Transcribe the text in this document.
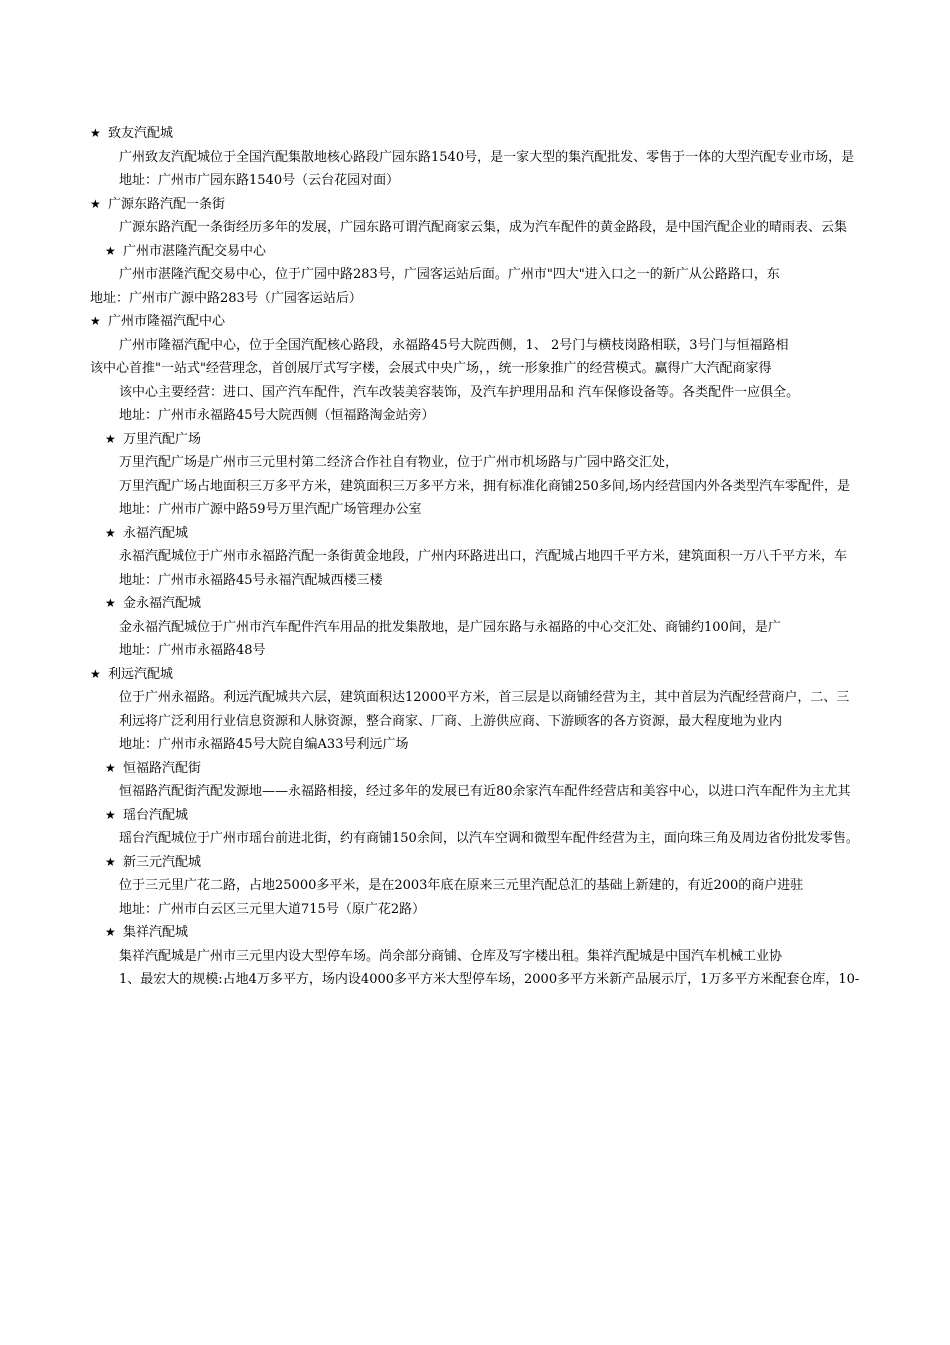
★ 致友汽配城
广州致友汽配城位于全国汽配集散地核心路段广园东路1540号，是一家大型的集汽配批发、零售于一体的大型汽配专业市场，是
地址：广州市广园东路1540号（云台花园对面）
★ 广源东路汽配一条街
广源东路汽配一条街经历多年的发展，广园东路可谓汽配商家云集，成为汽车配件的黄金路段，是中国汽配企业的晴雨表、云集
★ 广州市湛隆汽配交易中心
广州市湛隆汽配交易中心，位于广园中路283号，广园客运站后面。广州市"四大"进入口之一的新广从公路路口，东
地址：广州市广源中路283号（广园客运站后）
★ 广州市隆福汽配中心
广州市隆福汽配中心，位于全国汽配核心路段，永福路45号大院西侧，1、 2号门与横枝岗路相联，3号门与恒福路相
该中心首推"一站式"经营理念，首创展厅式写字楼，会展式中央广场，，统一形象推广的经营模式。赢得广大汽配商家得
该中心主要经营：进口、国产汽车配件，汽车改装美容装饰，及汽车护理用品和 汽车保修设备等。各类配件一应俱全。
地址：广州市永福路45号大院西侧（恒福路淘金站旁）
★ 万里汽配广场
万里汽配广场是广州市三元里村第二经济合作社自有物业，位于广州市机场路与广园中路交汇处，
万里汽配广场占地面积三万多平方米，建筑面积三万多平方米，拥有标准化商铺250多间,场内经营国内外各类型汽车零配件，是
地址：广州市广源中路59号万里汽配广场管理办公室
★ 永福汽配城
永福汽配城位于广州市永福路汽配一条街黄金地段，广州内环路进出口，汽配城占地四千平方米，建筑面积一万八千平方米，车
地址：广州市永福路45号永福汽配城西楼三楼
★ 金永福汽配城
金永福汽配城位于广州市汽车配件汽车用品的批发集散地，是广园东路与永福路的中心交汇处、商铺约100间，是广
地址：广州市永福路48号
★ 利远汽配城
位于广州永福路。利远汽配城共六层，建筑面积达12000平方米，首三层是以商铺经营为主，其中首层为汽配经营商户，二、三
利远将广泛利用行业信息资源和人脉资源，整合商家、厂商、上游供应商、下游顾客的各方资源，最大程度地为业内
地址：广州市永福路45号大院自编A33号利远广场
★ 恒福路汽配街
恒福路汽配街汽配发源地——永福路相接，经过多年的发展已有近80余家汽车配件经营店和美容中心，以进口汽车配件为主尤其
★ 瑶台汽配城
瑶台汽配城位于广州市瑶台前进北街，约有商铺150余间，以汽车空调和微型车配件经营为主，面向珠三角及周边省份批发零售。
★ 新三元汽配城
位于三元里广花二路，占地25000多平米，是在2003年底在原来三元里汽配总汇的基础上新建的，有近200的商户进驻
地址：广州市白云区三元里大道715号（原广花2路）
★ 集祥汽配城
集祥汽配城是广州市三元里内设大型停车场。尚余部分商铺、仓库及写字楼出租。集祥汽配城是中国汽车机械工业协
1、最宏大的规模:占地4万多平方，场内设4000多平方米大型停车场，2000多平方米新产品展示厅，1万多平方米配套仓库，10-
